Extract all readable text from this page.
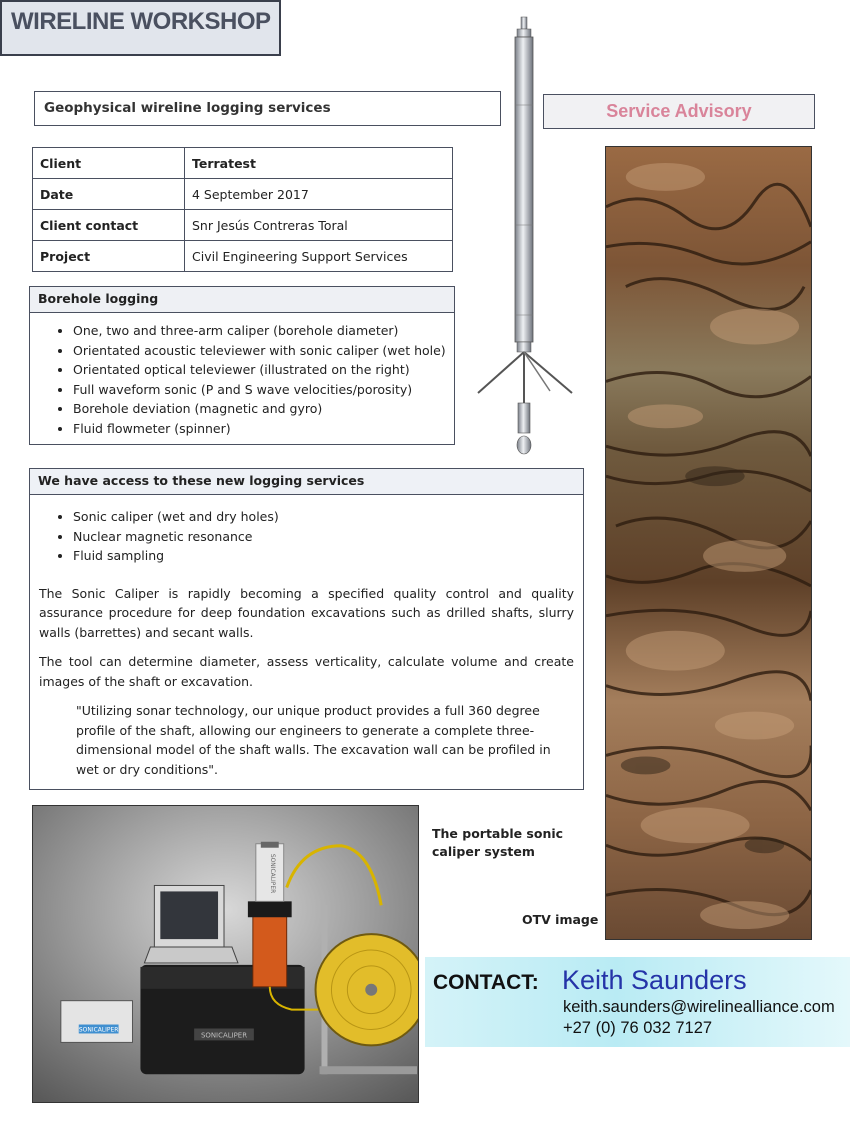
WIRELINE WORKSHOP
Geophysical wireline logging services	Service Advisory
Client	Terratest
Date	4 September 2017
Client contact	Snr Jesús Contreras Toral
Project	Civil Engineering Support Services
Borehole logging
• One, two and three-arm caliper (borehole diameter)
• Orientated acoustic televiewer with sonic caliper (wet hole)
• Orientated optical televiewer (illustrated on the right)
• Full waveform sonic (P and S wave velocities/porosity)
• Borehole deviation (magnetic and gyro)
• Fluid flowmeter (spinner)
We have access to these new logging services
• Sonic caliper (wet and dry holes)
• Nuclear magnetic resonance
• Fluid sampling

The Sonic Caliper is rapidly becoming a specified quality control and quality assurance procedure for deep foundation excavations such as drilled shafts, slurry walls (barrettes) and secant walls.

The tool can determine diameter, assess verticality, calculate volume and create images of the shaft or excavation.

"Utilizing sonar technology, our unique product provides a full 360 degree profile of the shaft, allowing our engineers to generate a complete three-dimensional model of the shaft walls. The excavation wall can be profiled in wet or dry conditions".

OTV image
SONICALIPER
SONICALIPER
SONICALIPER
The portable sonic caliper system
CONTACT: Keith Saunders
keith.saunders@wirelinealliance.com
+27 (0) 76 032 7127
